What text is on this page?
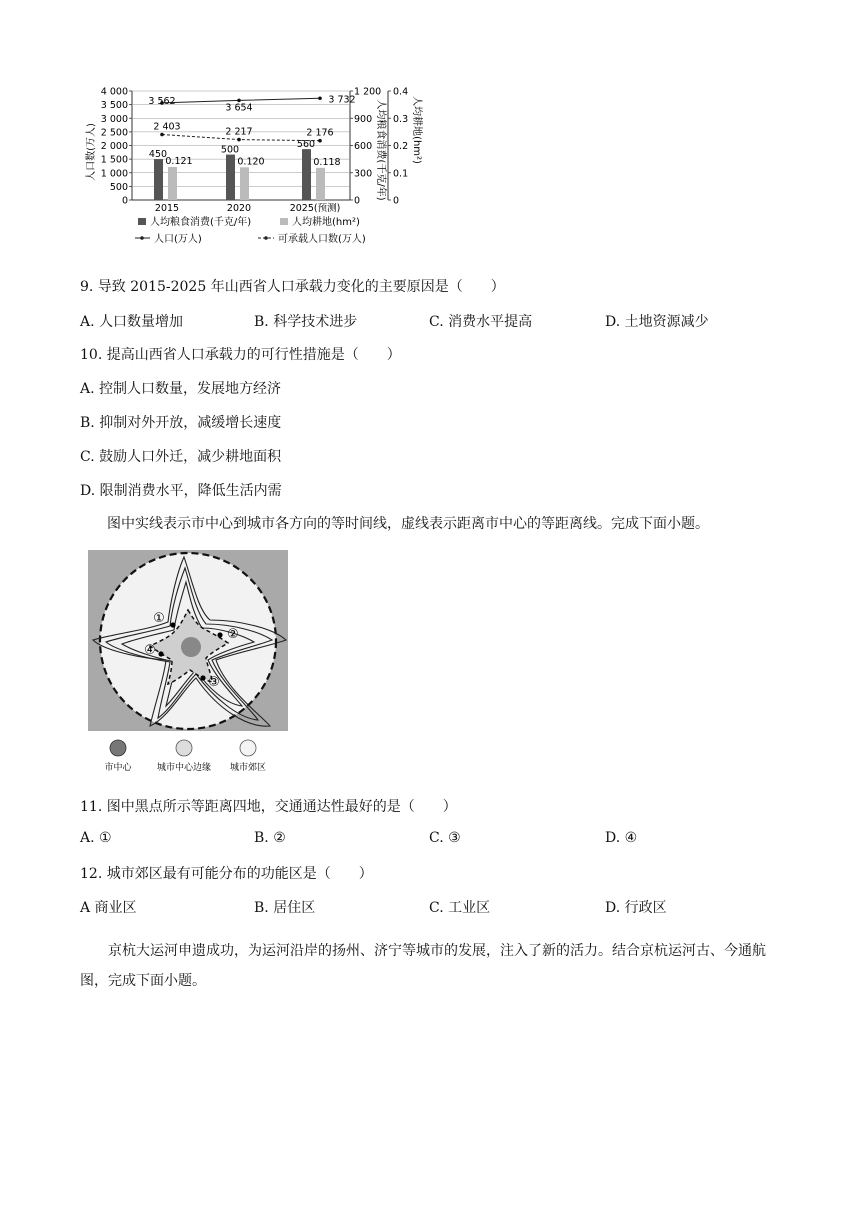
4 000
3 500
3 000
2 500
2 000
1 500
1 000
500
0
1 200
900
600
300
0
0.4
0.3
0.2
0.1
0
450
0.121
500
0.120
560
0.118
3 562
3 654
3 732
2 403	2 217	2 176
2015	2020	2025(预测)
人口数(万人)	人均粮食消费(千克/年)	人均耕地(hm²)
人均粮食消费(千克/年)	人均耕地(hm²)
人口(万人)	可承载人口数(万人)
9. 导致 2015-2025 年山西省人口承载力变化的主要原因是（　　）
A. 人口数量增加	B. 科学技术进步	C. 消费水平提高	D. 土地资源减少
10. 提高山西省人口承载力的可行性措施是（　　）
A. 控制人口数量，发展地方经济
B. 抑制对外开放，减缓增长速度
C. 鼓励人口外迁，减少耕地面积
D. 限制消费水平，降低生活内需
图中实线表示市中心到城市各方向的等时间线，虚线表示距离市中心的等距离线。完成下面小题。
①
②
③
④
市中心	城市中心边缘 城市郊区
11. 图中黑点所示等距离四地，交通通达性最好的是（　　）
A. ①	B. ②	C. ③	D. ④
12. 城市郊区最有可能分布的功能区是（　　）
A 商业区	B. 居住区	C. 工业区	D. 行政区
京杭大运河申遗成功，为运河沿岸的扬州、济宁等城市的发展，注入了新的活力。结合京杭运河古、今通航图，完成下面小题。
